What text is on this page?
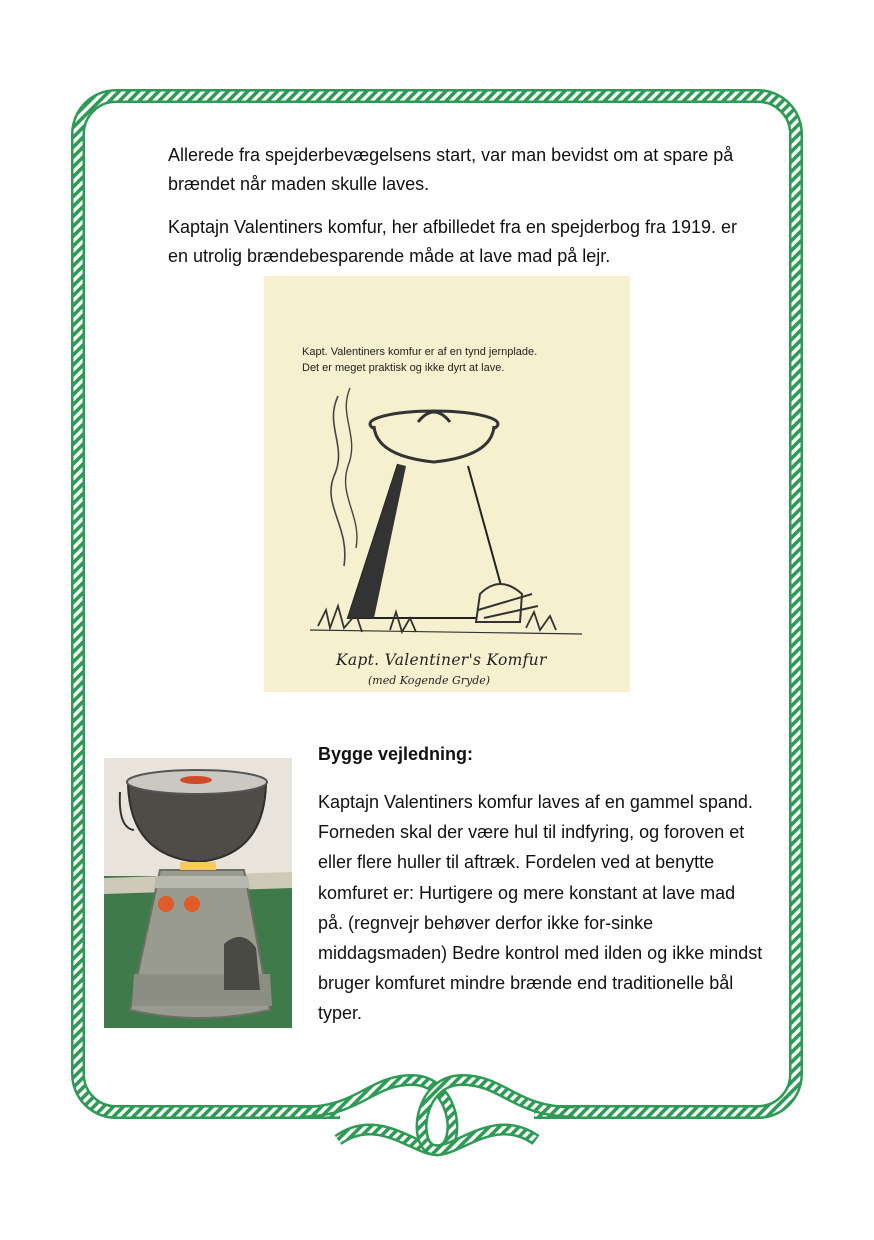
Allerede fra spejderbevægelsens start, var man bevidst om at spare på brændet når maden skulle laves.

Kaptajn Valentiners komfur, her afbilledet fra en spejderbog fra 1919. er en utrolig brændebesparende måde at lave mad på lejr.

Kapt. Valentiners komfur er af en tynd jernplade.
Det er meget praktisk og ikke dyrt at lave.
Kapt. Valentiner's Komfur
(med Kogende Gryde)
Bygge vejledning:

Kaptajn Valentiners komfur laves af en gammel spand. Forneden skal der være hul til indfyring, og foroven et eller flere huller til aftræk. Fordelen ved at benytte komfuret er: Hurtigere og mere konstant at lave mad på. (regnvejr behøver derfor ikke for-sinke middagsmaden) Bedre kontrol med ilden og ikke mindst bruger komfuret mindre brænde end traditionelle bål typer.
